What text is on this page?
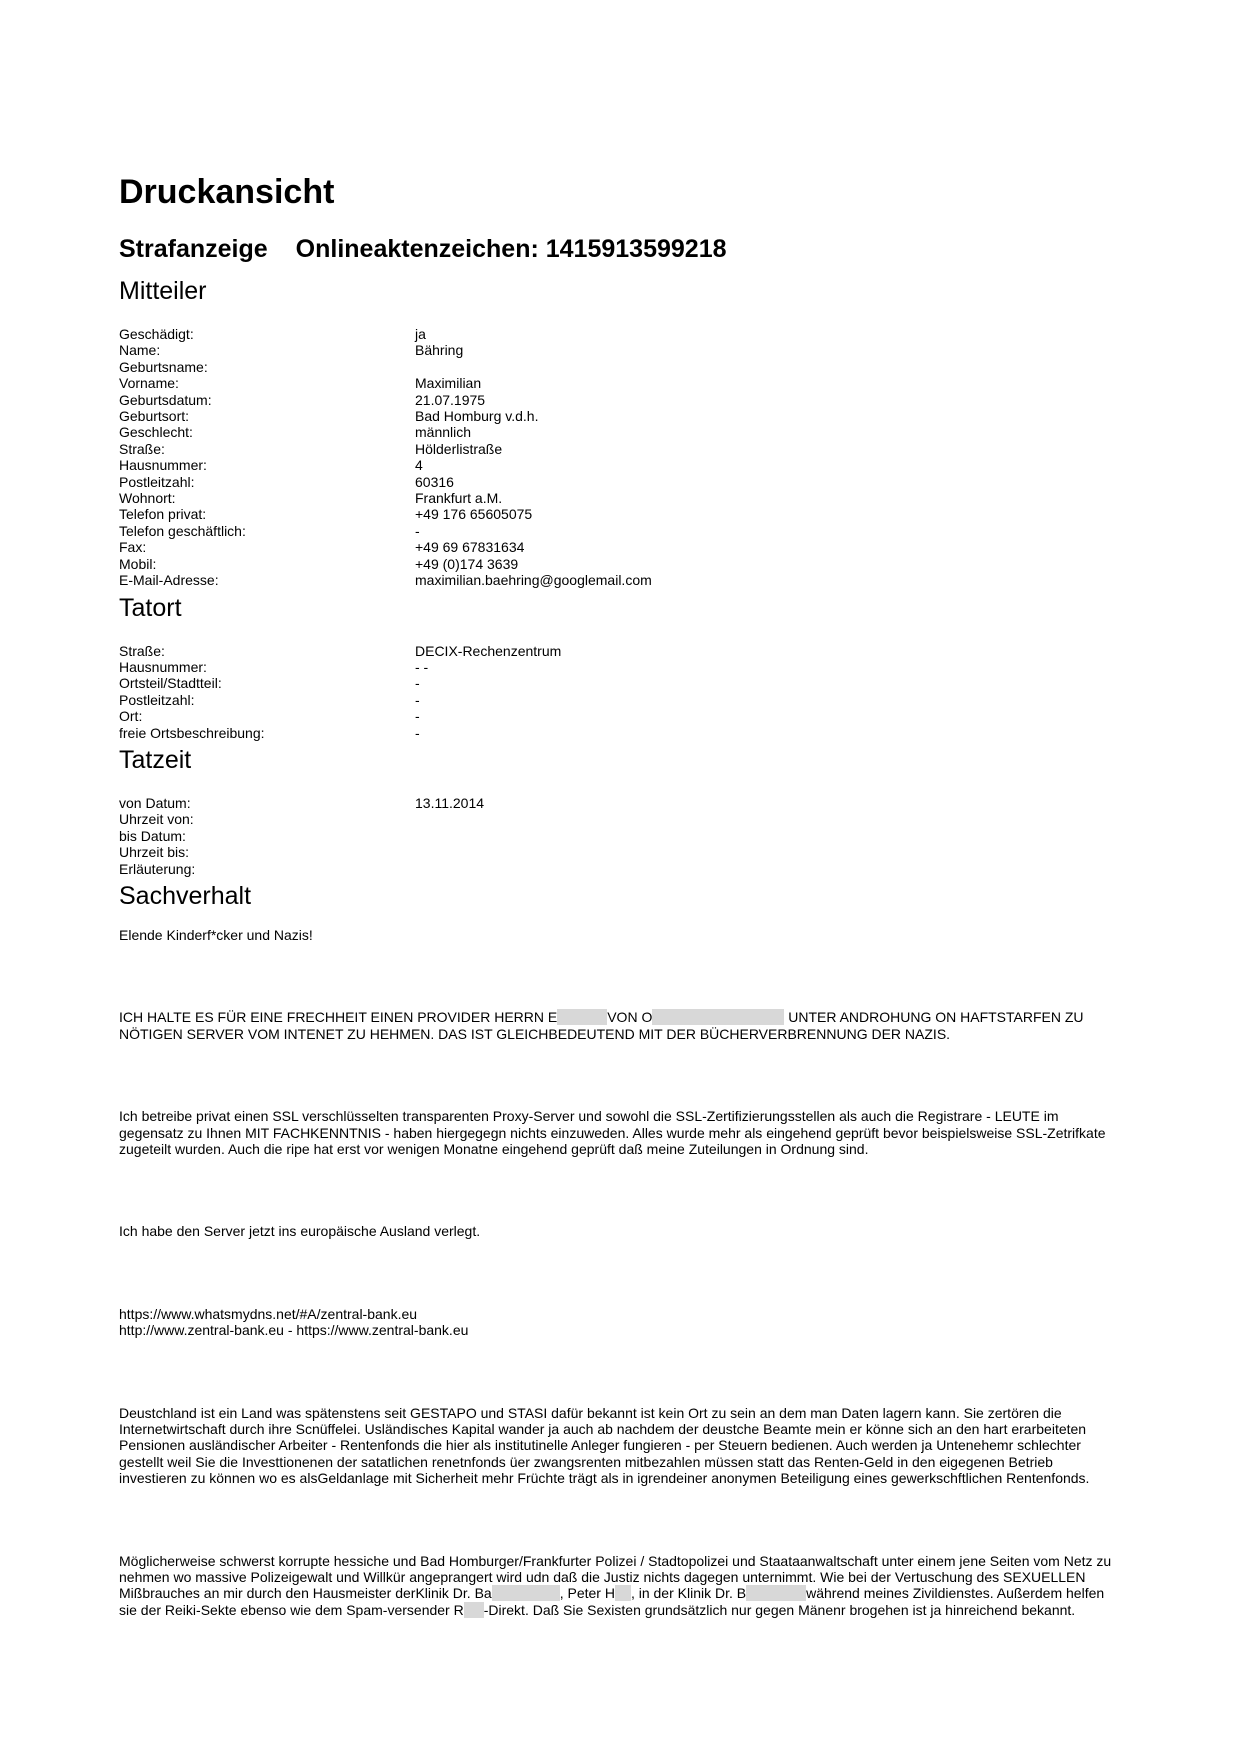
Druckansicht
Strafanzeige Onlineaktenzeichen: 1415913599218
Mitteiler
Geschädigt:	ja
Name:	Bähring
Geburtsname:
Vorname:	Maximilian
Geburtsdatum:	21.07.1975
Geburtsort:	Bad Homburg v.d.h.
Geschlecht:	männlich
Straße:	Hölderlistraße
Hausnummer:	4
Postleitzahl:	60316
Wohnort:	Frankfurt a.M.
Telefon privat:	+49 176 65605075
Telefon geschäftlich:	-
Fax:	+49 69 67831634
Mobil:	+49 (0)174 3639
E-Mail-Adresse:	maximilian.baehring@googlemail.com
Tatort
Straße:	DECIX-Rechenzentrum
Hausnummer:	- -
Ortsteil/Stadtteil:	-
Postleitzahl:	-
Ort:	-
freie Ortsbeschreibung:	-
Tatzeit
von Datum:	13.11.2014
Uhrzeit von:
bis Datum:
Uhrzeit bis:
Erläuterung:
Sachverhalt

Elende Kinderf*cker und Nazis!

ICH HALTE ES FÜR EINE FRECHHEIT EINEN PROVIDER HERRN E	VON O	UNTER ANDROHUNG ON HAFTSTARFEN ZU NÖTIGEN SERVER VOM INTENET ZU HEHMEN. DAS IST GLEICHBEDEUTEND MIT DER BÜCHERVERBRENNUNG DER NAZIS.

Ich betreibe privat einen SSL verschlüsselten transparenten Proxy-Server und sowohl die SSL-Zertifizierungsstellen als auch die Registrare - LEUTE im gegensatz zu Ihnen MIT FACHKENNTNIS - haben hiergegegn nichts einzuweden. Alles wurde mehr als eingehend geprüft bevor beispielsweise SSL-Zetrifkate zugeteilt wurden. Auch die ripe hat erst vor wenigen Monatne eingehend geprüft daß meine Zuteilungen in Ordnung sind.

Ich habe den Server jetzt ins europäische Ausland verlegt.

https://www.whatsmydns.net/#A/zentral-bank.eu
http://www.zentral-bank.eu - https://www.zentral-bank.eu

Deustchland ist ein Land was spätenstens seit GESTAPO und STASI dafür bekannt ist kein Ort zu sein an dem man Daten lagern kann. Sie zertören die Internetwirtschaft durch ihre Scnüffelei. Usländisches Kapital wander ja auch ab nachdem der deustche Beamte mein er könne sich an den hart erarbeiteten Pensionen ausländischer Arbeiter - Rentenfonds die hier als institutinelle Anleger fungieren - per Steuern bedienen. Auch werden ja Untenehemr schlechter gestellt weil Sie die Investtionenen der satatlichen renetnfonds üer zwangsrenten mitbezahlen müssen statt das Renten-Geld in den eigegenen Betrieb investieren zu können wo es alsGeldanlage mit Sicherheit mehr Früchte trägt als in igrendeiner anonymen Beteiligung eines gewerkschftlichen Rentenfonds.

Möglicherweise schwerst korrupte hessiche und Bad Homburger/Frankfurter Polizei / Stadtopolizei und Staataanwaltschaft unter einem jene Seiten vom Netz zu nehmen wo massive Polizeigewalt und Willkür angeprangert wird udn daß die Justiz nichts dagegen unternimmt. Wie bei der Vertuschung des SEXUELLEN Mißbrauches an mir durch den Hausmeister derKlinik Dr. Ba	, Peter H , in der Klinik Dr. B	während meines Zivildienstes. Außerdem helfen sie der Reiki-Sekte ebenso wie dem Spam-versender R -Direkt. Daß Sie Sexisten grundsätzlich nur gegen Mänenr brogehen ist ja hinreichend bekannt.
